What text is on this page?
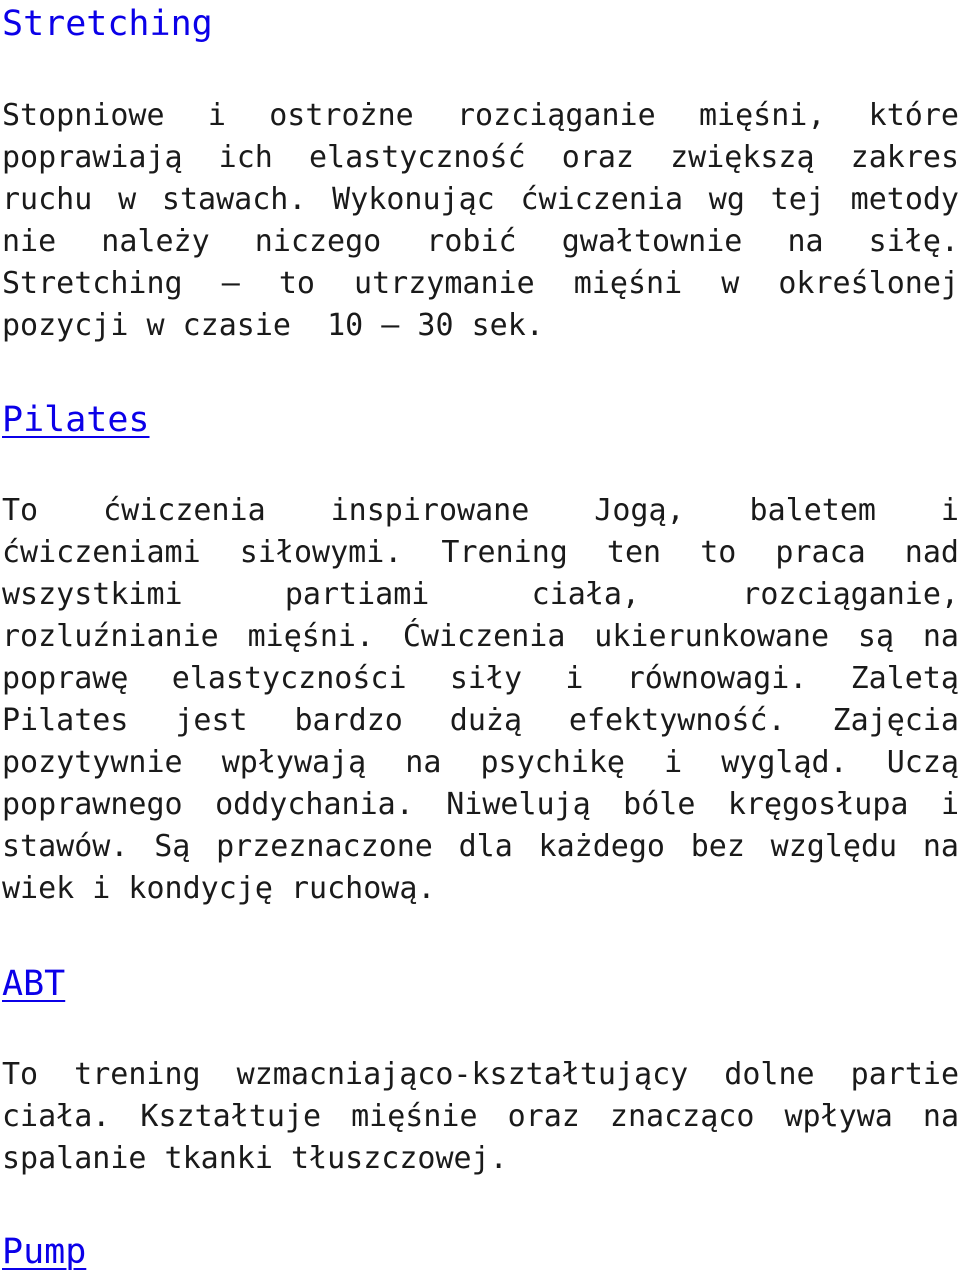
Stretching
Stopniowe i ostrożne rozciąganie mięśni, które
poprawiają ich elastyczność oraz zwiększą zakres
ruchu w stawach. Wykonując ćwiczenia wg tej metody
nie należy niczego robić gwałtownie na siłę.
Stretching – to utrzymanie mięśni w określonej
pozycji w czasie  10 – 30 sek.
Pilates
To ćwiczenia inspirowane Jogą, baletem i
ćwiczeniami siłowymi. Trening ten to praca nad
wszystkimi partiami ciała, rozciąganie,
rozluźnianie mięśni. Ćwiczenia ukierunkowane są na
poprawę elastyczności siły i równowagi. Zaletą
Pilates jest bardzo dużą efektywność. Zajęcia
pozytywnie wpływają na psychikę i wygląd. Uczą
poprawnego oddychania. Niwelują bóle kręgosłupa i
stawów. Są przeznaczone dla każdego bez względu na
wiek i kondycję ruchową.
ABT
To trening wzmacniająco-kształtujący dolne partie
ciała. Kształtuje mięśnie oraz znacząco wpływa na
spalanie tkanki tłuszczowej.
Pump
